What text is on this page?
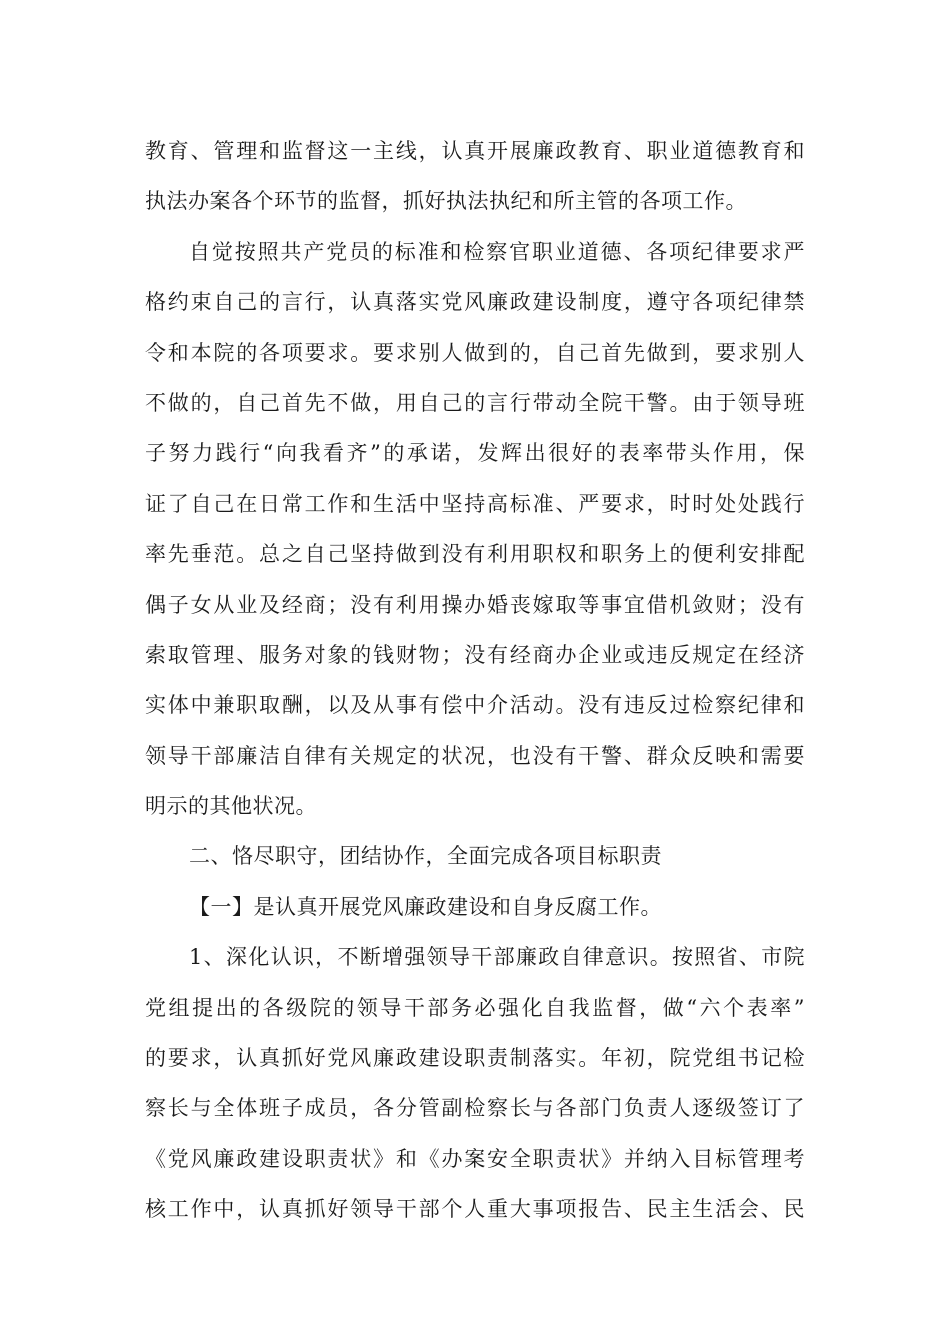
教育、管理和监督这一主线，认真开展廉政教育、职业道德教育和
执法办案各个环节的监督，抓好执法执纪和所主管的各项工作。
自觉按照共产党员的标准和检察官职业道德、各项纪律要求严
格约束自己的言行，认真落实党风廉政建设制度，遵守各项纪律禁
令和本院的各项要求。要求别人做到的，自己首先做到，要求别人
不做的，自己首先不做，用自己的言行带动全院干警。由于领导班
子努力践行“向我看齐”的承诺，发辉出很好的表率带头作用，保
证了自己在日常工作和生活中坚持高标准、严要求，时时处处践行
率先垂范。总之自己坚持做到没有利用职权和职务上的便利安排配
偶子女从业及经商；没有利用操办婚丧嫁取等事宜借机敛财；没有
索取管理、服务对象的钱财物；没有经商办企业或违反规定在经济
实体中兼职取酬，以及从事有偿中介活动。没有违反过检察纪律和
领导干部廉洁自律有关规定的状况，也没有干警、群众反映和需要
明示的其他状况。
二、恪尽职守，团结协作，全面完成各项目标职责
【一】是认真开展党风廉政建设和自身反腐工作。
1、深化认识，不断增强领导干部廉政自律意识。按照省、市院
党组提出的各级院的领导干部务必强化自我监督，做“六个表率”
的要求，认真抓好党风廉政建设职责制落实。年初，院党组书记检
察长与全体班子成员，各分管副检察长与各部门负责人逐级签订了
《党风廉政建设职责状》和《办案安全职责状》并纳入目标管理考
核工作中，认真抓好领导干部个人重大事项报告、民主生活会、民
